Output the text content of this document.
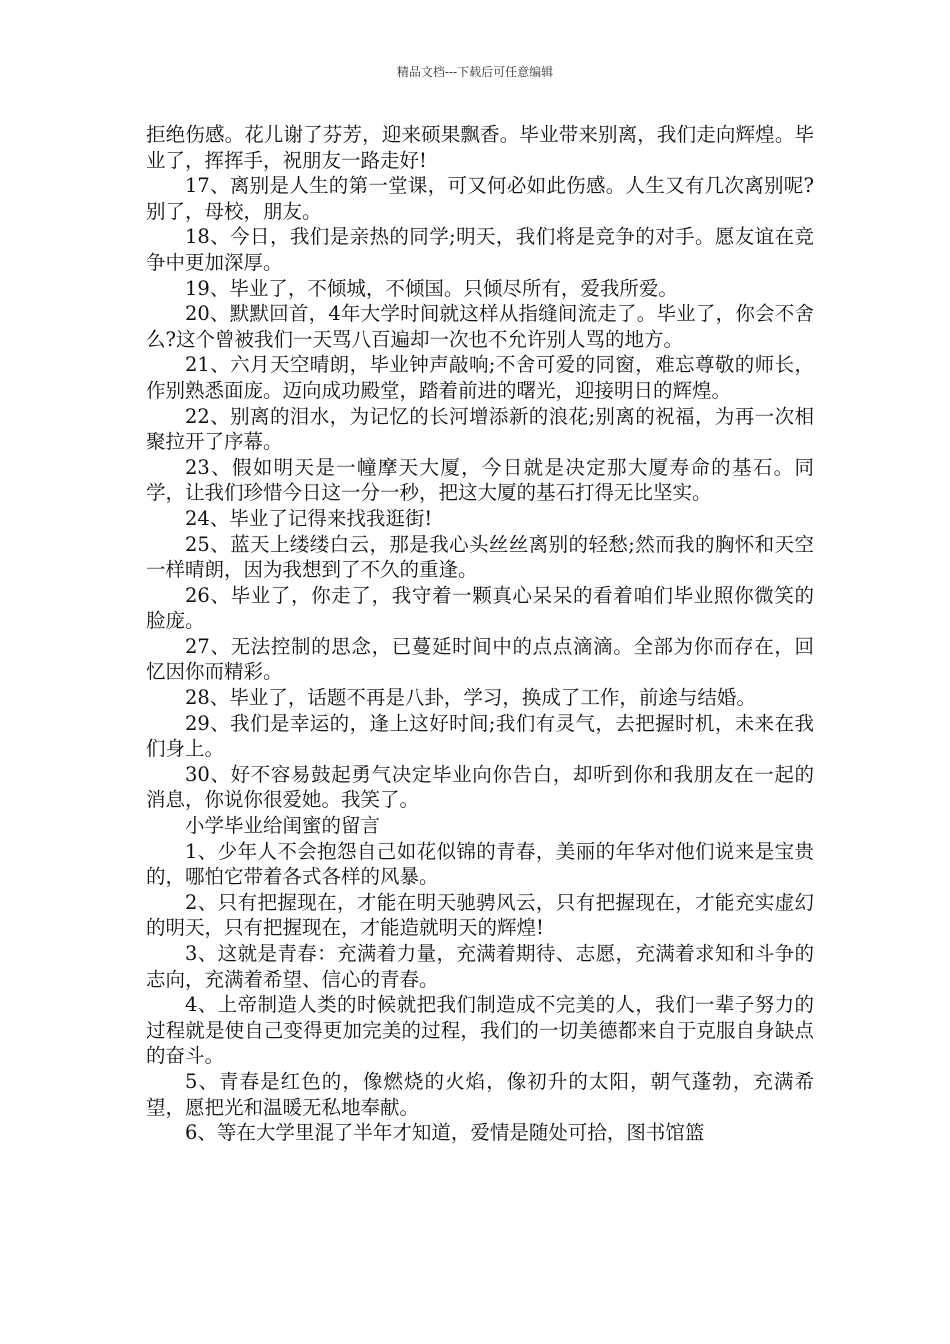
精品文档---下载后可任意编辑

拒绝伤感。花儿谢了芬芳，迎来硕果飘香。毕业带来别离，我们走向辉煌。毕业了，挥挥手，祝朋友一路走好!

17、离别是人生的第一堂课，可又何必如此伤感。人生又有几次离别呢?别了，母校，朋友。

18、今日，我们是亲热的同学;明天，我们将是竞争的对手。愿友谊在竞争中更加深厚。

19、毕业了，不倾城，不倾国。只倾尽所有，爱我所爱。

20、默默回首，4年大学时间就这样从指缝间流走了。毕业了，你会不舍么?这个曾被我们一天骂八百遍却一次也不允许别人骂的地方。

21、六月天空晴朗，毕业钟声敲响;不舍可爱的同窗，难忘尊敬的师长，作别熟悉面庞。迈向成功殿堂，踏着前进的曙光，迎接明日的辉煌。

22、别离的泪水，为记忆的长河增添新的浪花;别离的祝福，为再一次相聚拉开了序幕。

23、假如明天是一幢摩天大厦，今日就是决定那大厦寿命的基石。同学，让我们珍惜今日这一分一秒，把这大厦的基石打得无比坚实。

24、毕业了记得来找我逛街!

25、蓝天上缕缕白云，那是我心头丝丝离别的轻愁;然而我的胸怀和天空一样晴朗，因为我想到了不久的重逢。

26、毕业了，你走了，我守着一颗真心呆呆的看着咱们毕业照你微笑的脸庞。

27、无法控制的思念，已蔓延时间中的点点滴滴。全部为你而存在，回忆因你而精彩。

28、毕业了，话题不再是八卦，学习，换成了工作，前途与结婚。

29、我们是幸运的，逢上这好时间;我们有灵气，去把握时机，未来在我们身上。

30、好不容易鼓起勇气决定毕业向你告白，却听到你和我朋友在一起的消息，你说你很爱她。我笑了。

小学毕业给闺蜜的留言

1、少年人不会抱怨自己如花似锦的青春，美丽的年华对他们说来是宝贵的，哪怕它带着各式各样的风暴。

2、只有把握现在，才能在明天驰骋风云，只有把握现在，才能充实虚幻的明天，只有把握现在，才能造就明天的辉煌!

3、这就是青春：充满着力量，充满着期待、志愿，充满着求知和斗争的志向，充满着希望、信心的青春。

4、上帝制造人类的时候就把我们制造成不完美的人，我们一辈子努力的过程就是使自己变得更加完美的过程，我们的一切美德都来自于克服自身缺点的奋斗。

5、青春是红色的，像燃烧的火焰，像初升的太阳，朝气蓬勃，充满希望，愿把光和温暖无私地奉献。

6、等在大学里混了半年才知道，爱情是随处可拾，图书馆篮
